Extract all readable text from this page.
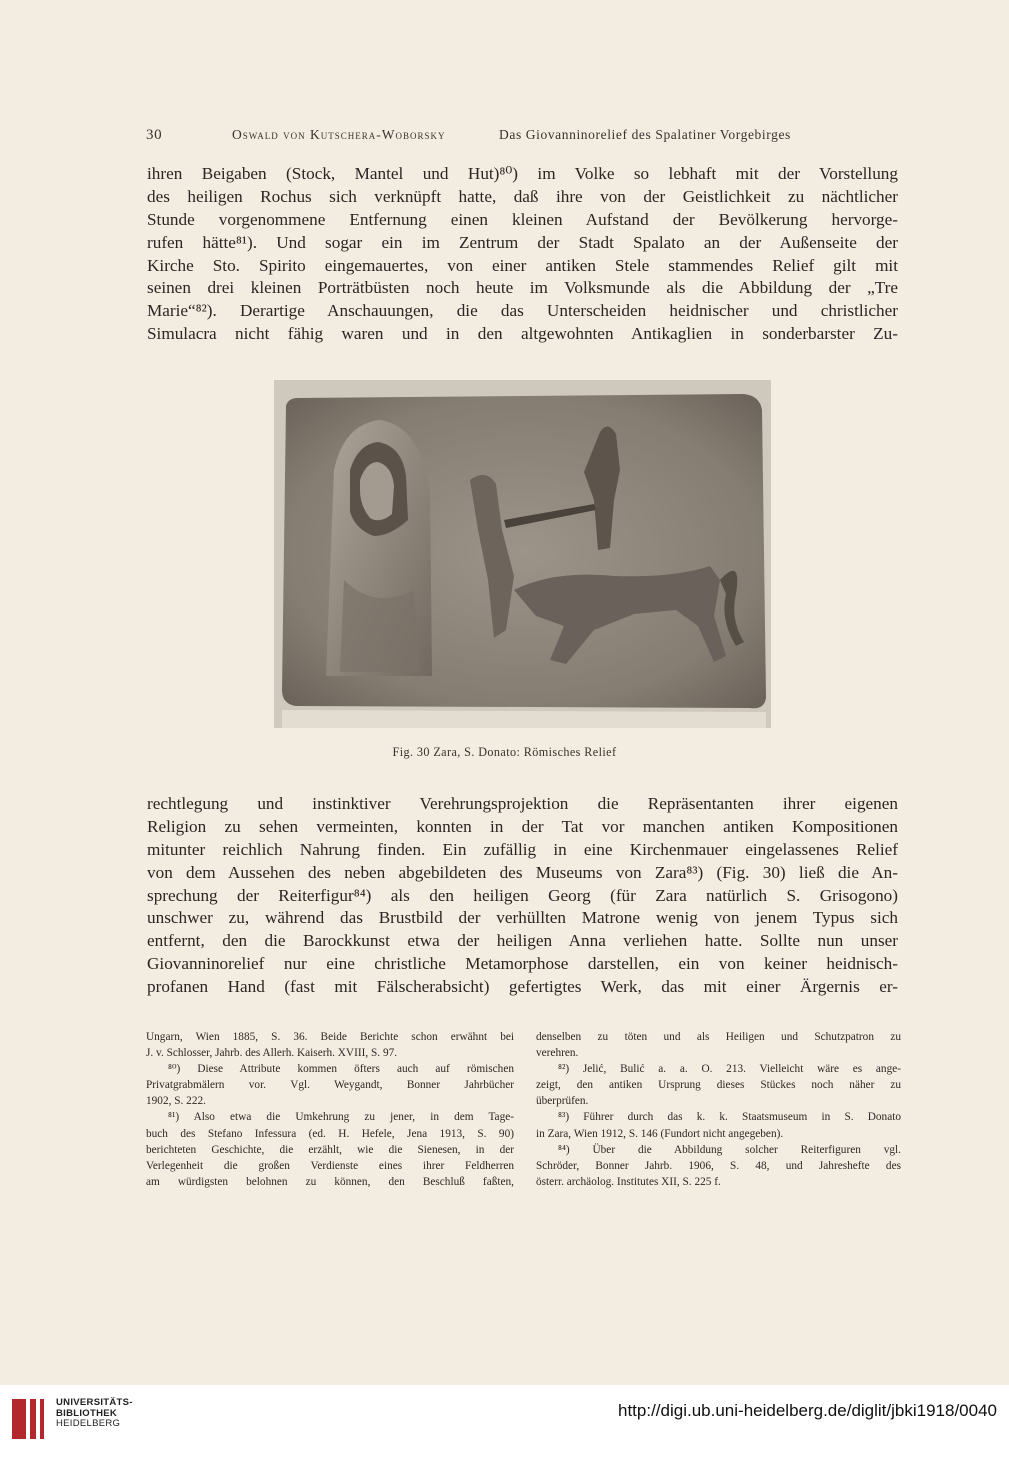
30	Oswald von Kutschera-Woborsky	Das Giovanninorelief des Spalatiner Vorgebirges
ihren Beigaben (Stock, Mantel und Hut)⁸⁰) im Volke so lebhaft mit der Vorstellung
des heiligen Rochus sich verknüpft hatte, daß ihre von der Geistlichkeit zu nächtlicher
Stunde vorgenommene Entfernung einen kleinen Aufstand der Bevölkerung hervorge-
rufen hätte⁸¹). Und sogar ein im Zentrum der Stadt Spalato an der Außenseite der
Kirche Sto. Spirito eingemauertes, von einer antiken Stele stammendes Relief gilt mit
seinen drei kleinen Porträtbüsten noch heute im Volksmunde als die Abbildung der „Tre
Marie“⁸²). Derartige Anschauungen, die das Unterscheiden heidnischer und christlicher
Simulacra nicht fähig waren und in den altgewohnten Antikaglien in sonderbarster Zu-
Fig. 30 Zara, S. Donato: Römisches Relief
rechtlegung und instinktiver Verehrungsprojektion die Repräsentanten ihrer eigenen
Religion zu sehen vermeinten, konnten in der Tat vor manchen antiken Kompositionen
mitunter reichlich Nahrung finden. Ein zufällig in eine Kirchenmauer eingelassenes Relief
von dem Aussehen des neben abgebildeten des Museums von Zara⁸³) (Fig. 30) ließ die An-
sprechung der Reiterfigur⁸⁴) als den heiligen Georg (für Zara natürlich S. Grisogono)
unschwer zu, während das Brustbild der verhüllten Matrone wenig von jenem Typus sich
entfernt, den die Barockkunst etwa der heiligen Anna verliehen hatte. Sollte nun unser
Giovanninorelief nur eine christliche Metamorphose darstellen, ein von keiner heidnisch-
profanen Hand (fast mit Fälscherabsicht) gefertigtes Werk, das mit einer Ärgernis er-
Ungarn, Wien 1885, S. 36. Beide Berichte schon erwähnt bei
J. v. Schlosser, Jahrb. des Allerh. Kaiserh. XVIII, S. 97.
⁸⁰) Diese Attribute kommen öfters auch auf römischen
Privatgrabmälern vor. Vgl. Weygandt, Bonner Jahrbücher
1902, S. 222.
⁸¹) Also etwa die Umkehrung zu jener, in dem Tage-
buch des Stefano Infessura (ed. H. Hefele, Jena 1913, S. 90)
berichteten Geschichte, die erzählt, wie die Sienesen, in der
Verlegenheit die großen Verdienste eines ihrer Feldherren
am würdigsten belohnen zu können, den Beschluß faßten,
denselben zu töten und als Heiligen und Schutzpatron zu
verehren.
⁸²) Jelić, Bulić a. a. O. 213. Vielleicht wäre es ange-
zeigt, den antiken Ursprung dieses Stückes noch näher zu
überprüfen.
⁸³) Führer durch das k. k. Staatsmuseum in S. Donato
in Zara, Wien 1912, S. 146 (Fundort nicht angegeben).
⁸⁴) Über die Abbildung solcher Reiterfiguren vgl.
Schröder, Bonner Jahrb. 1906, S. 48, und Jahreshefte des
österr. archäolog. Institutes XII, S. 225 f.
UNIVERSITÄTS-
BIBLIOTHEK
HEIDELBERG
http://digi.ub.uni-heidelberg.de/diglit/jbki1918/0040
